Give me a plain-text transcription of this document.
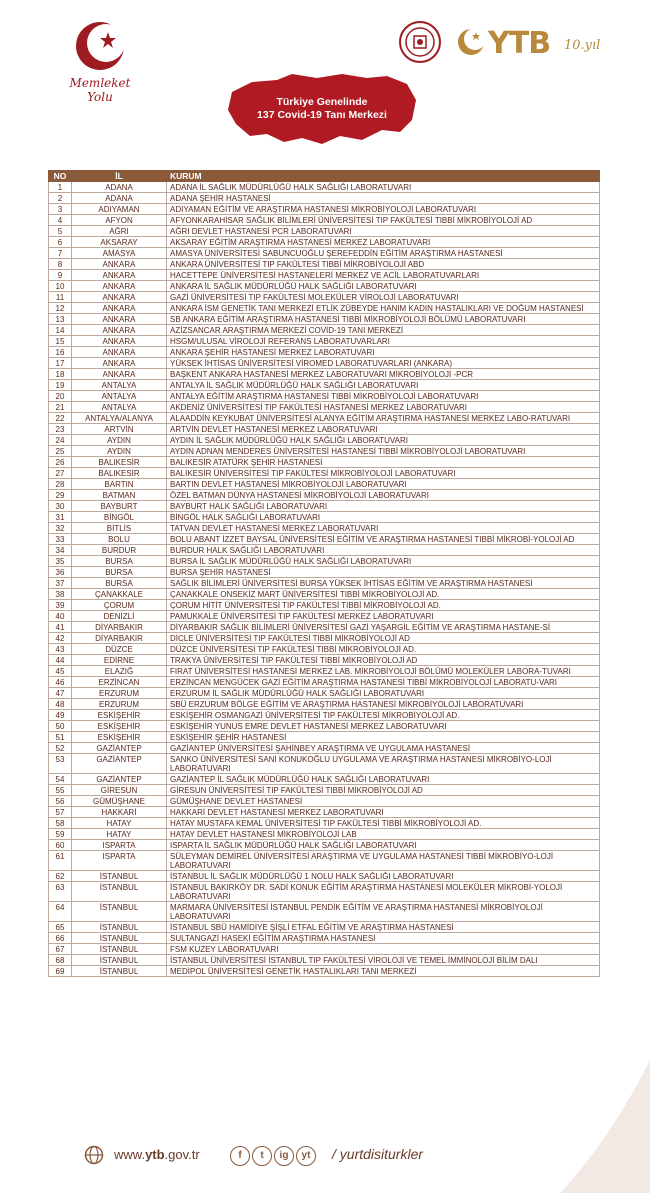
Memleket Yolu
YTB 10.yıl
Türkiye Genelinde
137 Covid-19 Tanı Merkezi
NO	İL	KURUM
1	ADANA	ADANA İL SAĞLIK MÜDÜRLÜĞÜ HALK SAĞLIĞI LABORATUVARI
2	ADANA	ADANA ŞEHİR HASTANESİ
3	ADIYAMAN	ADIYAMAN EĞİTİM VE ARAŞTIRMA HASTANESİ MİKROBİYOLOJİ LABORATUVARI
4	AFYON	AFYONKARAHİSAR SAĞLIK BİLİMLERİ ÜNİVERSİTESİ TIP FAKÜLTESİ TIBBİ MİKROBİYOLOJİ AD
5	AĞRI	AĞRI DEVLET HASTANESİ PCR LABORATUVARI
6	AKSARAY	AKSARAY EĞİTİM ARAŞTIRMA HASTANESİ MERKEZ LABORATUVARI
7	AMASYA	AMASYA ÜNİVERSİTESİ SABUNCUOĞLU ŞEREFEDDİN EĞİTİM ARAŞTIRMA HASTANESİ
8	ANKARA	ANKARA ÜNİVERSİTESİ TIP FAKÜLTESİ TIBBİ MİKROBİYOLOJİ ABD
9	ANKARA	HACETTEPE ÜNİVERSİTESİ HASTANELERİ MERKEZ VE ACİL LABORATUVARLARI
10	ANKARA	ANKARA İL SAĞLIK MÜDÜRLÜĞÜ HALK SAĞLIĞI LABORATUVARI
11	ANKARA	GAZİ ÜNİVERSİTESİ TIP FAKÜLTESİ MOLEKÜLER VİROLOJİ LABORATUVARI
12	ANKARA	ANKARA İSM GENETİK TANI MERKEZİ ETLİK ZÜBEYDE HANIM KADIN HASTALIKLARI VE DOĞUM HASTANESİ
13	ANKARA	SB ANKARA EĞİTİM ARAŞTIRMA HASTANESİ TIBBİ MİKROBİYOLOJİ BÖLÜMÜ LABORATUVARI
14	ANKARA	AZİZSANCAR ARAŞTIRMA MERKEZİ COVİD-19 TANI MERKEZİ
15	ANKARA	HSGM/ULUSAL VİROLOJİ REFERANS LABORATUVARLARI
16	ANKARA	ANKARA ŞEHİR HASTANESİ MERKEZ LABORATUVARI
17	ANKARA	YÜKSEK İHTİSAS ÜNİVERSİTESİ VİROMED LABORATUVARLARI (ANKARA)
18	ANKARA	BAŞKENT ANKARA HASTANESİ MERKEZ LABORATUVARI MİKROBİYOLOJİ -PCR
19	ANTALYA	ANTALYA İL SAĞLIK MÜDÜRLÜĞÜ HALK SAĞLIĞI LABORATUVARI
20	ANTALYA	ANTALYA EĞİTİM ARAŞTIRMA HASTANESİ TIBBİ MİKROBİYOLOJİ LABORATUVARI
21	ANTALYA	AKDENİZ ÜNİVERSİTESİ TIP FAKÜLTESİ HASTANESİ MERKEZ LABORATUVARI
22	ANTALYA/ALANYA	ALAADDİN KEYKUBAT ÜNİVERSİTESİ ALANYA EĞİTİM ARAŞTIRMA HASTANESİ MERKEZ LABO-RATUVARI
23	ARTVİN	ARTVİN DEVLET HASTANESİ MERKEZ LABORATUVARI
24	AYDIN	AYDIN İL SAĞLIK MÜDÜRLÜĞÜ HALK SAĞLIĞI LABORATUVARI
25	AYDIN	AYDIN ADNAN MENDERES ÜNİVERSİTESİ HASTANESİ TIBBİ MİKROBİYOLOJİ LABORATUVARI
26	BALIKESİR	BALIKESİR ATATÜRK ŞEHİR HASTANESİ
27	BALIKESİR	BALIKESİR ÜNİVERSİTESİ TIP FAKÜLTESİ MİKROBİYOLOJİ LABORATUVARI
28	BARTIN	BARTIN DEVLET HASTANESİ MİKROBİYOLOJİ LABORATUVARI
29	BATMAN	ÖZEL BATMAN DÜNYA HASTANESİ MİKROBİYOLOJİ LABORATUVARI
30	BAYBURT	BAYBURT HALK SAĞLIĞI LABORATUVARI
31	BİNGÖL	BİNGÖL HALK SAĞLIĞI LABORATUVARI
32	BİTLİS	TATVAN DEVLET HASTANESİ MERKEZ LABORATUVARI
33	BOLU	BOLU ABANT İZZET BAYSAL ÜNİVERSİTESİ EĞİTİM VE ARAŞTIRMA HASTANESİ TIBBİ MİKROBİ-YOLOJİ AD
34	BURDUR	BURDUR HALK SAĞLIĞI LABORATUVARI
35	BURSA	BURSA İL SAĞLIK MÜDÜRLÜĞÜ HALK SAĞLIĞI LABORATUVARI
36	BURSA	BURSA ŞEHİR HASTANESİ
37	BURSA	SAĞLIK BİLİMLERİ ÜNİVERSİTESİ BURSA YÜKSEK İHTİSAS EĞİTİM VE ARAŞTIRMA HASTANESİ
38	ÇANAKKALE	ÇANAKKALE ONSEKİZ MART ÜNİVERSİTESİ TIBBİ MİKROBİYOLOJİ AD.
39	ÇORUM	ÇORUM HİTİT ÜNİVERSİTESİ TIP FAKÜLTESİ TIBBİ MİKROBİYOLOJİ AD.
40	DENİZLİ	PAMUKKALE ÜNİVERSİTESİ TIP FAKÜLTESİ MERKEZ LABORATUVARI
41	DİYARBAKIR	DİYARBAKIR SAĞLIK BİLİMLERİ ÜNİVERSİTESİ GAZİ YAŞARGİL EĞİTİM VE ARAŞTIRMA HASTANE-Sİ
42	DİYARBAKIR	DİCLE ÜNİVERSİTESİ TIP FAKÜLTESİ TIBBİ MİKROBİYOLOJİ AD
43	DÜZCE	DÜZCE ÜNİVERSİTESİ TIP FAKÜLTESİ TIBBİ MİKROBİYOLOJİ AD.
44	EDİRNE	TRAKYA ÜNİVERSİTESİ TIP FAKÜLTESİ TIBBİ MİKROBİYOLOJİ AD
45	ELAZIĞ	FIRAT ÜNİVERSİTESİ HASTANESİ MERKEZ LAB. MİKROBİYOLOJİ BÖLÜMÜ MOLEKÜLER LABORA-TUVARI
46	ERZİNCAN	ERZİNCAN MENGÜCEK GAZİ EĞİTİM ARAŞTIRMA HASTANESİ TIBBİ MİKROBİYOLOJİ LABORATU-VARI
47	ERZURUM	ERZURUM İL SAĞLIK MÜDÜRLÜĞÜ HALK SAĞLIĞI LABORATUVARI
48	ERZURUM	SBÜ ERZURUM BÖLGE EĞİTİM VE ARAŞTIRMA HASTANESİ MİKROBİYOLOJİ LABORATUVARI
49	ESKİŞEHİR	ESKİŞEHİR OSMANGAZİ ÜNİVERSİTESİ TIP FAKÜLTESİ MİKROBİYOLOJİ AD.
50	ESKİŞEHİR	ESKİŞEHİR YUNUS EMRE DEVLET HASTANESİ MERKEZ LABORATUVARI
51	ESKİŞEHİR	ESKİŞEHİR ŞEHİR HASTANESİ
52	GAZİANTEP	GAZİANTEP ÜNİVERSİTESİ ŞAHİNBEY ARAŞTIRMA VE UYGULAMA HASTANESİ
53	GAZİANTEP	SANKO ÜNİVERSİTESİ SANİ KONUKOĞLU UYGULAMA VE ARAŞTIRMA HASTANESİ MİKROBİYO-LOJİ LABORATUVARI
54	GAZİANTEP	GAZİANTEP İL SAĞLIK MÜDÜRLÜĞÜ HALK SAĞLIĞI LABORATUVARI
55	GİRESUN	GİRESUN ÜNİVERSİTESİ TIP FAKÜLTESİ TIBBİ MİKROBİYOLOJİ AD
56	GÜMÜŞHANE	GÜMÜŞHANE DEVLET HASTANESİ
57	HAKKARİ	HAKKARİ DEVLET HASTANESİ MERKEZ LABORATUVARI
58	HATAY	HATAY MUSTAFA KEMAL ÜNİVERSİTESİ TIP FAKÜLTESİ TIBBİ MİKROBİYOLOJİ AD.
59	HATAY	HATAY DEVLET HASTANESİ MİKROBİYOLOJİ LAB
60	ISPARTA	ISPARTA İL SAĞLIK MÜDÜRLÜĞÜ HALK SAĞLIĞI LABORATUVARI
61	ISPARTA	SÜLEYMAN DEMİREL ÜNİVERSİTESİ ARAŞTIRMA VE UYGULAMA HASTANESİ TIBBİ MİKROBİYO-LOJİ LABORATUVARI
62	İSTANBUL	İSTANBUL İL SAĞLIK MÜDÜRLÜĞÜ 1 NOLU HALK SAĞLIĞI LABORATUVARI
63	İSTANBUL	İSTANBUL BAKIRKÖY DR. SADİ KONUK EĞİTİM ARAŞTIRMA HASTANESİ MOLEKÜLER MİKROBİ-YOLOJİ LABORATUVARI
64	İSTANBUL	MARMARA ÜNİVERSİTESİ İSTANBUL PENDİK EĞİTİM VE ARAŞTIRMA HASTANESİ MİKROBİYOLOJİ LABORATUVARI
65	İSTANBUL	İSTANBUL SBÜ HAMİDİYE ŞİŞLİ ETFAL EĞİTİM VE ARAŞTIRMA HASTANESİ
66	İSTANBUL	SULTANGAZİ HASEKİ EĞİTİM ARAŞTIRMA HASTANESİ
67	İSTANBUL	FSM KUZEY LABORATUVARI
68	İSTANBUL	İSTANBUL ÜNİVERSİTESİ İSTANBUL TIP FAKÜLTESİ VİROLOJİ VE TEMEL İMMİNOLOJİ BİLİM DALI
69	İSTANBUL	MEDİPOL ÜNİVERSİTESİ GENETİK HASTALIKLARI TANI MERKEZİ
www.ytb.gov.tr	f t ig yt	/ yurtdisiturkler
